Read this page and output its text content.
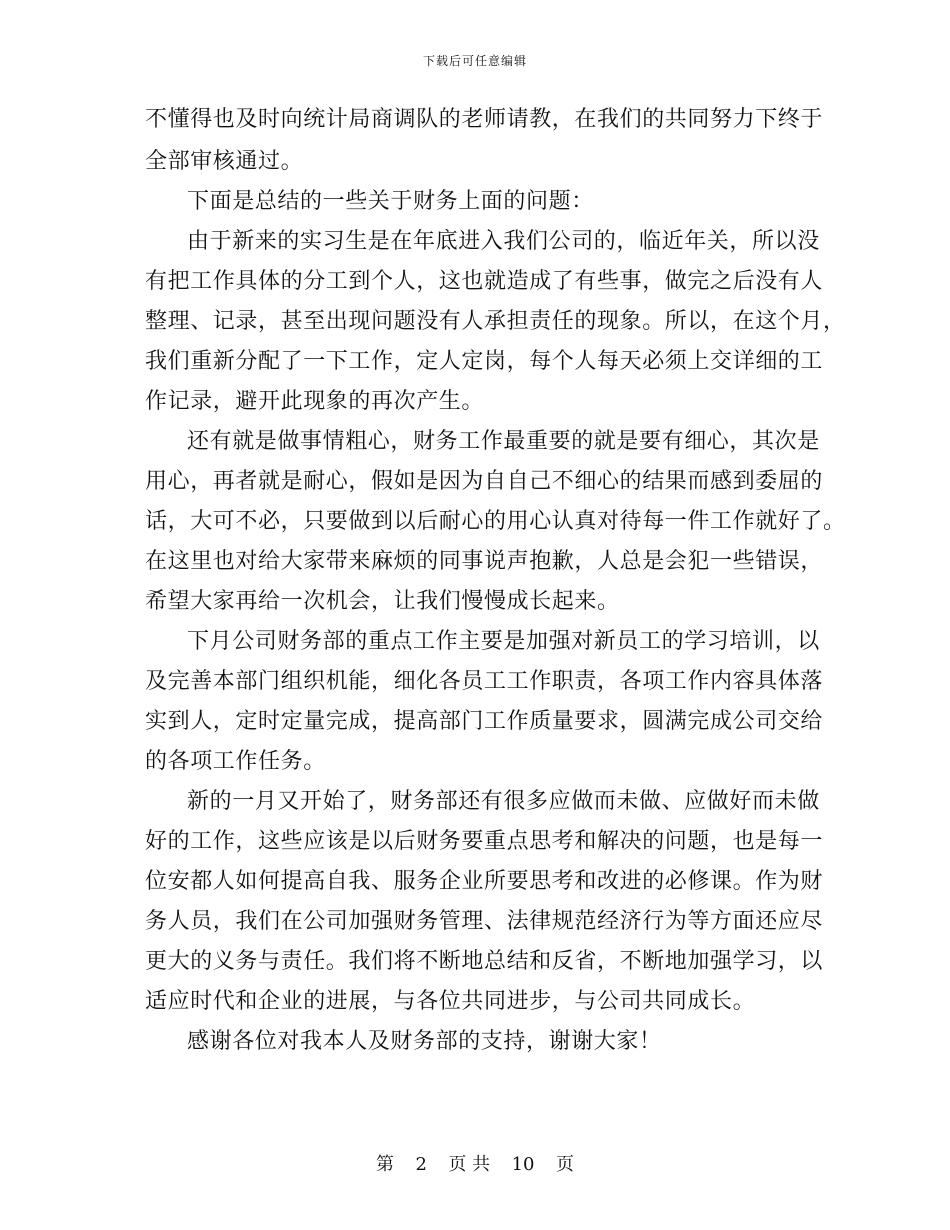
下载后可任意编辑
不懂得也及时向统计局商调队的老师请教，在我们的共同努力下终于
全部审核通过。
下面是总结的一些关于财务上面的问题：
由于新来的实习生是在年底进入我们公司的，临近年关，所以没
有把工作具体的分工到个人，这也就造成了有些事，做完之后没有人
整理、记录，甚至出现问题没有人承担责任的现象。所以，在这个月，
我们重新分配了一下工作，定人定岗，每个人每天必须上交详细的工
作记录，避开此现象的再次产生。
还有就是做事情粗心，财务工作最重要的就是要有细心，其次是
用心，再者就是耐心，假如是因为自自己不细心的结果而感到委屈的
话，大可不必，只要做到以后耐心的用心认真对待每一件工作就好了。
在这里也对给大家带来麻烦的同事说声抱歉，人总是会犯一些错误，
希望大家再给一次机会，让我们慢慢成长起来。
下月公司财务部的重点工作主要是加强对新员工的学习培训，以
及完善本部门组织机能，细化各员工工作职责，各项工作内容具体落
实到人，定时定量完成，提高部门工作质量要求，圆满完成公司交给
的各项工作任务。
新的一月又开始了，财务部还有很多应做而未做、应做好而未做
好的工作，这些应该是以后财务要重点思考和解决的问题，也是每一
位安都人如何提高自我、服务企业所要思考和改进的必修课。作为财
务人员，我们在公司加强财务管理、法律规范经济行为等方面还应尽
更大的义务与责任。我们将不断地总结和反省，不断地加强学习，以
适应时代和企业的进展，与各位共同进步，与公司共同成长。
感谢各位对我本人及财务部的支持，谢谢大家！
第 2 页 共 10 页
